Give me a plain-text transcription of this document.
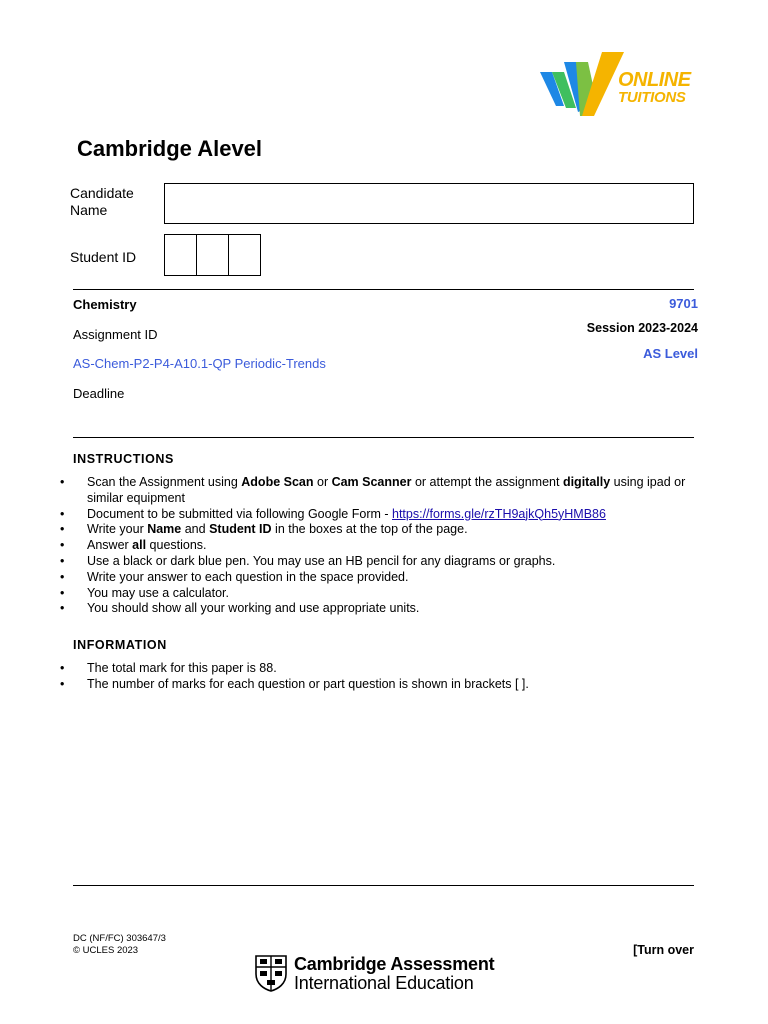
ONLINE
TUITIONS
Cambridge Alevel
Candidate
Name
Student ID
Chemistry	9701
Assignment ID	Session 2023-2024
AS-Chem-P2-P4-A10.1-QP Periodic-Trends
AS Level
Deadline
INSTRUCTIONS
• Scan the Assignment using Adobe Scan or Cam Scanner or attempt the assignment digitally using ipad or similar equipment
• Document to be submitted via following Google Form - https://forms.gle/rzTH9ajkQh5yHMB86
• Write your Name and Student ID in the boxes at the top of the page.
• Answer all questions.
• Use a black or dark blue pen. You may use an HB pencil for any diagrams or graphs.
• Write your answer to each question in the space provided.
• You may use a calculator.
• You should show all your working and use appropriate units.
INFORMATION
• The total mark for this paper is 88.
• The number of marks for each question or part question is shown in brackets [ ].
DC (NF/FC) 303647/3
© UCLES 2023
Cambridge Assessment
International Education
[Turn over
